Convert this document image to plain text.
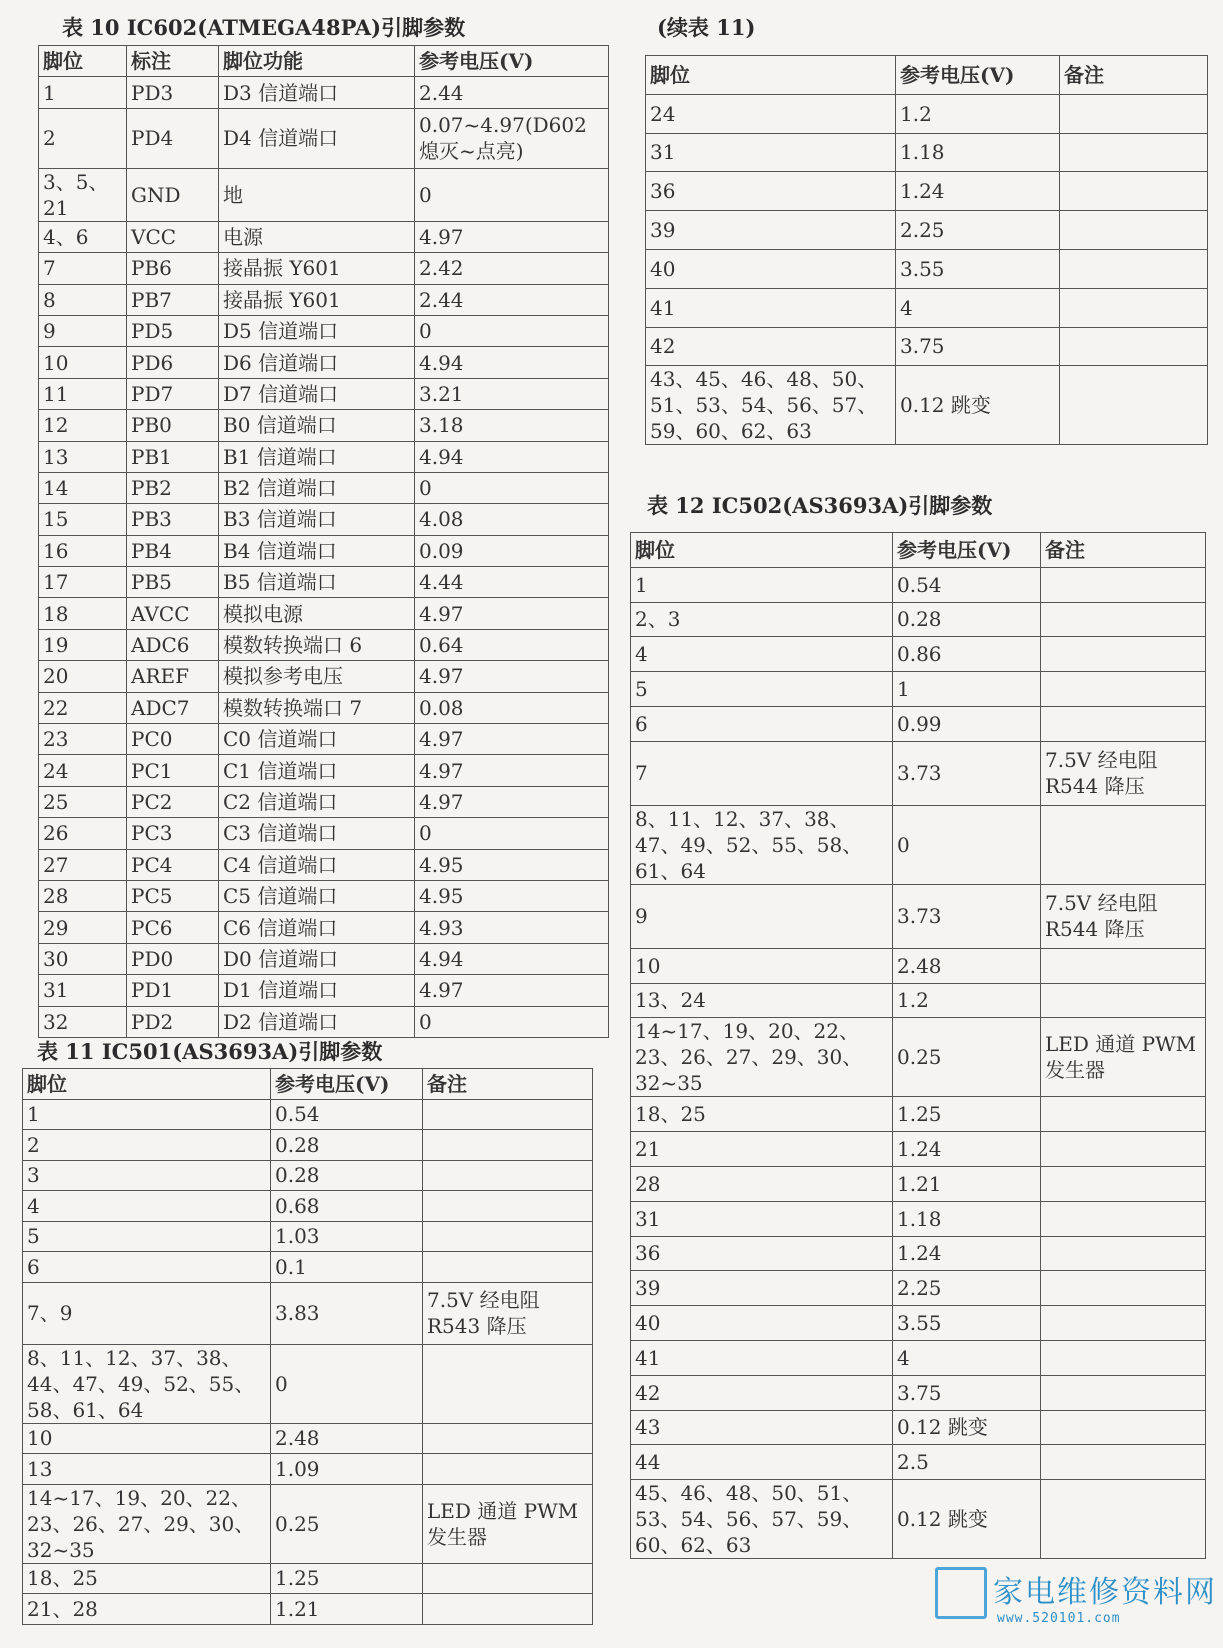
表 10 IC602(ATMEGA48PA)引脚参数
脚位	标注	脚位功能	参考电压(V)
1	PD3	D3 信道端口	2.44
2	PD4	D4 信道端口	0.07~4.97(D602 熄灭~点亮)
3、5、21	GND	地	0
4、6	VCC	电源	4.97
7	PB6	接晶振 Y601	2.42
8	PB7	接晶振 Y601	2.44
9	PD5	D5 信道端口	0
10	PD6	D6 信道端口	4.94
11	PD7	D7 信道端口	3.21
12	PB0	B0 信道端口	3.18
13	PB1	B1 信道端口	4.94
14	PB2	B2 信道端口	0
15	PB3	B3 信道端口	4.08
16	PB4	B4 信道端口	0.09
17	PB5	B5 信道端口	4.44
18	AVCC	模拟电源	4.97
19	ADC6	模数转换端口 6	0.64
20	AREF	模拟参考电压	4.97
22	ADC7	模数转换端口 7	0.08
23	PC0	C0 信道端口	4.97
24	PC1	C1 信道端口	4.97
25	PC2	C2 信道端口	4.97
26	PC3	C3 信道端口	0
27	PC4	C4 信道端口	4.95
28	PC5	C5 信道端口	4.95
29	PC6	C6 信道端口	4.93
30	PD0	D0 信道端口	4.94
31	PD1	D1 信道端口	4.97
32	PD2	D2 信道端口	0
表 11 IC501(AS3693A)引脚参数
脚位	参考电压(V)	备注
1	0.54	
2	0.28	
3	0.28	
4	0.68	
5	1.03	
6	0.1	
7、9	3.83	7.5V 经电阻 R543 降压
8、11、12、37、38、44、47、49、52、55、58、61、64	0	
10	2.48	
13	1.09	
14~17、19、20、22、23、26、27、29、30、32~35	0.25	LED 通道 PWM 发生器
18、25	1.25	
21、28	1.21	
(续表 11)
脚位	参考电压(V)	备注
24	1.2	
31	1.18	
36	1.24	
39	2.25	
40	3.55	
41	4	
42	3.75	
43、45、46、48、50、51、53、54、56、57、59、60、62、63	0.12 跳变	
表 12 IC502(AS3693A)引脚参数
脚位	参考电压(V)	备注
1	0.54	
2、3	0.28	
4	0.86	
5	1	
6	0.99	
7	3.73	7.5V 经电阻 R544 降压
8、11、12、37、38、47、49、52、55、58、61、64	0	
9	3.73	7.5V 经电阻 R544 降压
10	2.48	
13、24	1.2	
14~17、19、20、22、23、26、27、29、30、32~35	0.25	LED 通道 PWM 发生器
18、25	1.25	
21	1.24	
28	1.21	
31	1.18	
36	1.24	
39	2.25	
40	3.55	
41	4	
42	3.75	
43	0.12 跳变	
44	2.5	
45、46、48、50、51、53、54、56、57、59、60、62、63	0.12 跳变	
家电维修资料网
www.520101.com
